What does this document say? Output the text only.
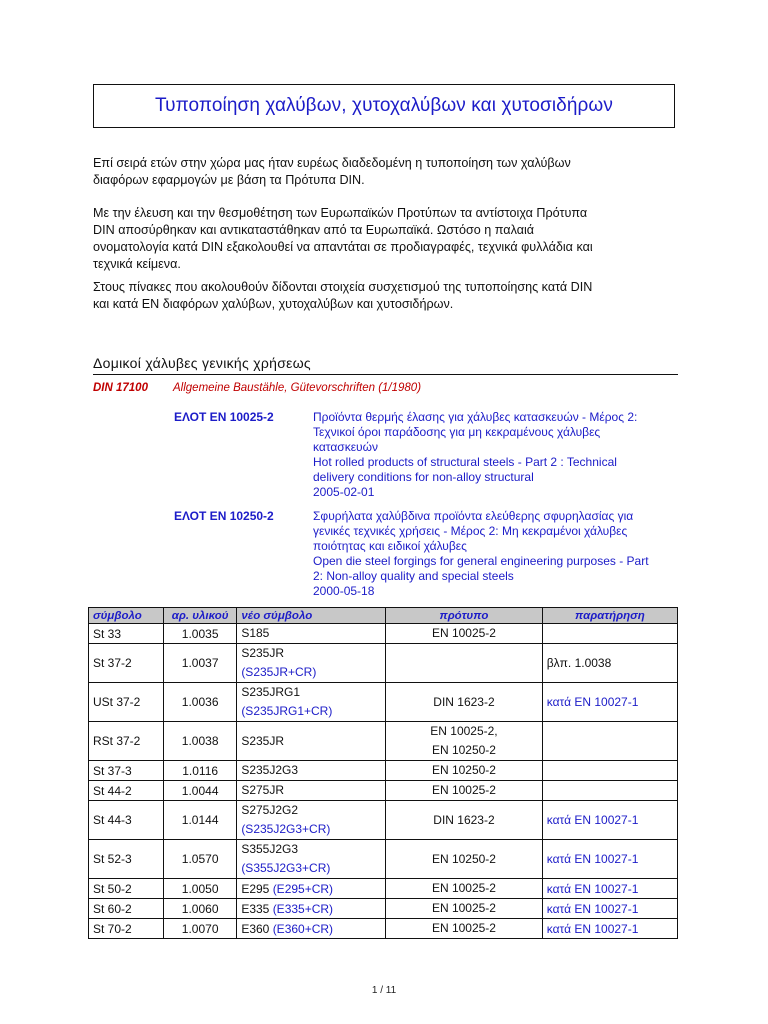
Τυποποίηση χαλύβων, χυτοχαλύβων και χυτοσιδήρων
Επί σειρά ετών στην χώρα μας ήταν ευρέως διαδεδομένη η τυποποίηση των χαλύβων
διαφόρων εφαρμογών με βάση τα Πρότυπα DIN.
Με την έλευση και την θεσμοθέτηση των Ευρωπαϊκών Προτύπων τα αντίστοιχα Πρότυπα
DIN αποσύρθηκαν και αντικαταστάθηκαν από τα Ευρωπαϊκά. Ωστόσο η παλαιά
ονοματολογία κατά DIN εξακολουθεί να απαντάται σε προδιαγραφές, τεχνικά φυλλάδια και
τεχνικά κείμενα.
Στους πίνακες που ακολουθούν δίδονται στοιχεία συσχετισμού της τυποποίησης κατά DIN
και κατά ΕΝ διαφόρων χαλύβων, χυτοχαλύβων και χυτοσιδήρων.
Δομικοί χάλυβες γενικής χρήσεως
DIN 17100 Allgemeine Baustähle, Gütevorschriften (1/1980)
ΕΛΟΤ ΕΝ 10025-2	Προϊόντα θερμής έλασης για χάλυβες κατασκευών - Μέρος 2:
Τεχνικοί όροι παράδοσης για μη κεκραμένους χάλυβες
κατασκευών
Hot rolled products of structural steels - Part 2 : Technical
delivery conditions for non-alloy structural
2005-02-01
ΕΛΟΤ ΕΝ 10250-2	Σφυρήλατα χαλύβδινα προϊόντα ελεύθερης σφυρηλασίας για
γενικές τεχνικές χρήσεις - Μέρος 2: Μη κεκραμένοι χάλυβες
ποιότητας και ειδικοί χάλυβες
Open die steel forgings for general engineering purposes - Part
2: Non-alloy quality and special steels
2000-05-18
σύμβολο	αρ. υλικού	νέο σύμβολο	πρότυπο	παρατήρηση
St 33	1.0035	S185	EN 10025-2	

St 37-2	1.0037	S235JR
(S235JR+CR)		βλπ. 1.0038
USt 37-2	1.0036	S235JRG1
(S235JRG1+CR)	DIN 1623-2	κατά EN 10027-1
RSt 37-2	1.0038	S235JR	EN 10025-2,
EN 10250-2	

St 37-3	1.0116	S235J2G3	EN 10250-2	

St 44-2	1.0044	S275JR	EN 10025-2	

St 44-3	1.0144	S275J2G2
(S235J2G3+CR)	DIN 1623-2	κατά EN 10027-1
St 52-3	1.0570	S355J2G3
(S355J2G3+CR)	EN 10250-2	κατά EN 10027-1
St 50-2	1.0050	E295 (E295+CR)	EN 10025-2	κατά EN 10027-1
St 60-2	1.0060	E335 (E335+CR)	EN 10025-2	κατά EN 10027-1
St 70-2	1.0070	E360 (E360+CR)	EN 10025-2	κατά EN 10027-1
1 / 11
